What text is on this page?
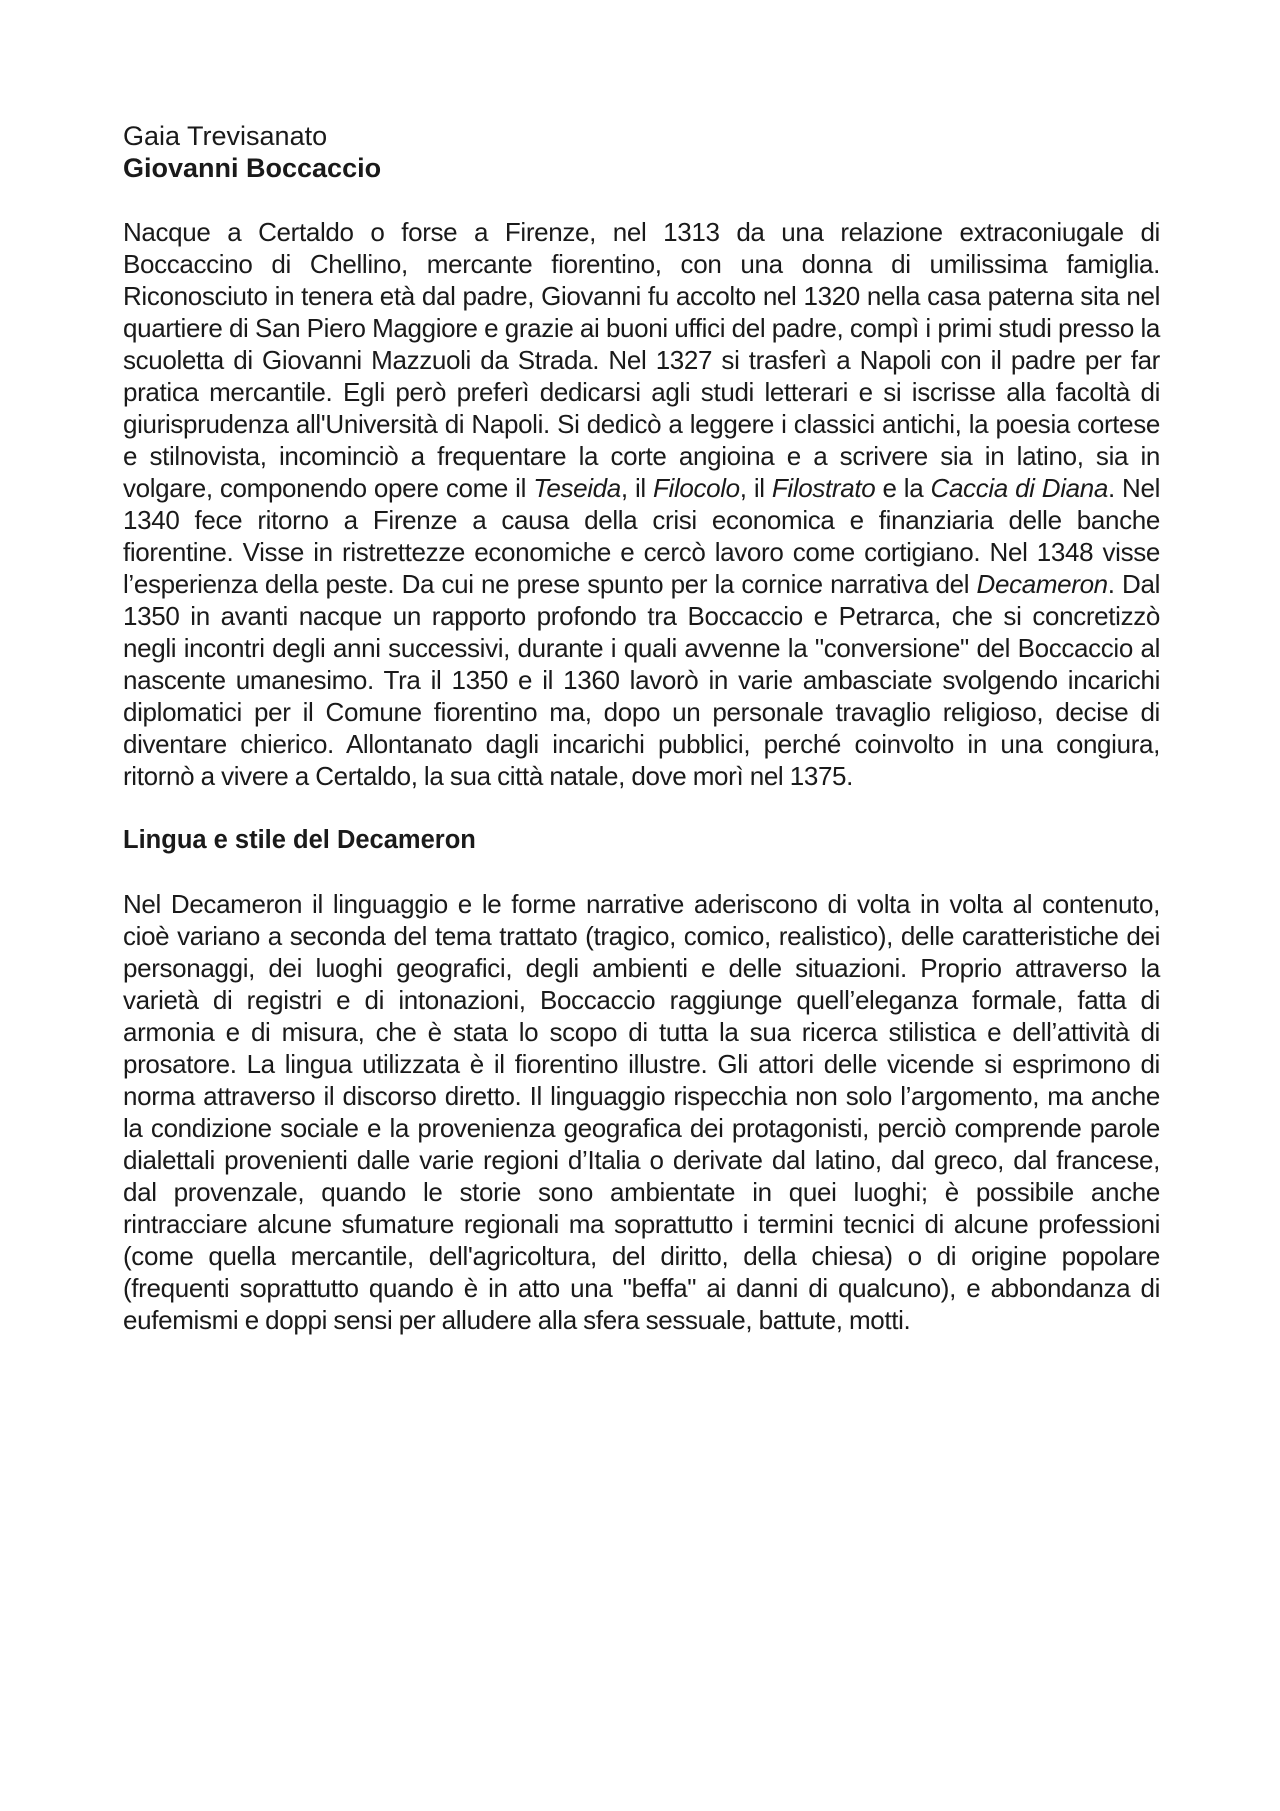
Gaia Trevisanato

Giovanni Boccaccio

Nacque a Certaldo o forse a Firenze, nel 1313 da una relazione extraconiugale di Boccaccino di Chellino, mercante fiorentino, con una donna di umilissima famiglia. Riconosciuto in tenera età dal padre, Giovanni fu accolto nel 1320 nella casa paterna sita nel quartiere di San Piero Maggiore e grazie ai buoni uffici del padre, compì i primi studi presso la scuoletta di Giovanni Mazzuoli da Strada. Nel 1327 si trasferì a Napoli con il padre per far pratica mercantile. Egli però preferì dedicarsi agli studi letterari e si iscrisse alla facoltà di giurisprudenza all'Università di Napoli. Si dedicò a leggere i classici antichi, la poesia cortese e stilnovista, incominciò a frequentare la corte angioina e a scrivere sia in latino, sia in volgare, componendo opere come il Teseida, il Filocolo, il Filostrato e la Caccia di Diana. Nel 1340 fece ritorno a Firenze a causa della crisi economica e finanziaria delle banche fiorentine. Visse in ristrettezze economiche e cercò lavoro come cortigiano. Nel 1348 visse l’esperienza della peste. Da cui ne prese spunto per la cornice narrativa del Decameron. Dal 1350 in avanti nacque un rapporto profondo tra Boccaccio e Petrarca, che si concretizzò negli incontri degli anni successivi, durante i quali avvenne la "conversione" del Boccaccio al nascente umanesimo. Tra il 1350 e il 1360 lavorò in varie ambasciate svolgendo incarichi diplomatici per il Comune fiorentino ma, dopo un personale travaglio religioso, decise di diventare chierico. Allontanato dagli incarichi pubblici, perché coinvolto in una congiura, ritornò a vivere a Certaldo, la sua città natale, dove morì nel 1375.

Lingua e stile del Decameron

Nel Decameron il linguaggio e le forme narrative aderiscono di volta in volta al contenuto, cioè variano a seconda del tema trattato (tragico, comico, realistico), delle caratteristiche dei personaggi, dei luoghi geografici, degli ambienti e delle situazioni. Proprio attraverso la varietà di registri e di intonazioni, Boccaccio raggiunge quell’eleganza formale, fatta di armonia e di misura, che è stata lo scopo di tutta la sua ricerca stilistica e dell’attività di prosatore. La lingua utilizzata è il fiorentino illustre. Gli attori delle vicende si esprimono di norma attraverso il discorso diretto. Il linguaggio rispecchia non solo l’argomento, ma anche la condizione sociale e la provenienza geografica dei protagonisti, perciò comprende parole dialettali provenienti dalle varie regioni d’Italia o derivate dal latino, dal greco, dal francese, dal provenzale, quando le storie sono ambientate in quei luoghi; è possibile anche rintracciare alcune sfumature regionali ma soprattutto i termini tecnici di alcune professioni (come quella mercantile, dell'agricoltura, del diritto, della chiesa) o di origine popolare (frequenti soprattutto quando è in atto una "beffa" ai danni di qualcuno), e abbondanza di eufemismi e doppi sensi per alludere alla sfera sessuale, battute, motti.
